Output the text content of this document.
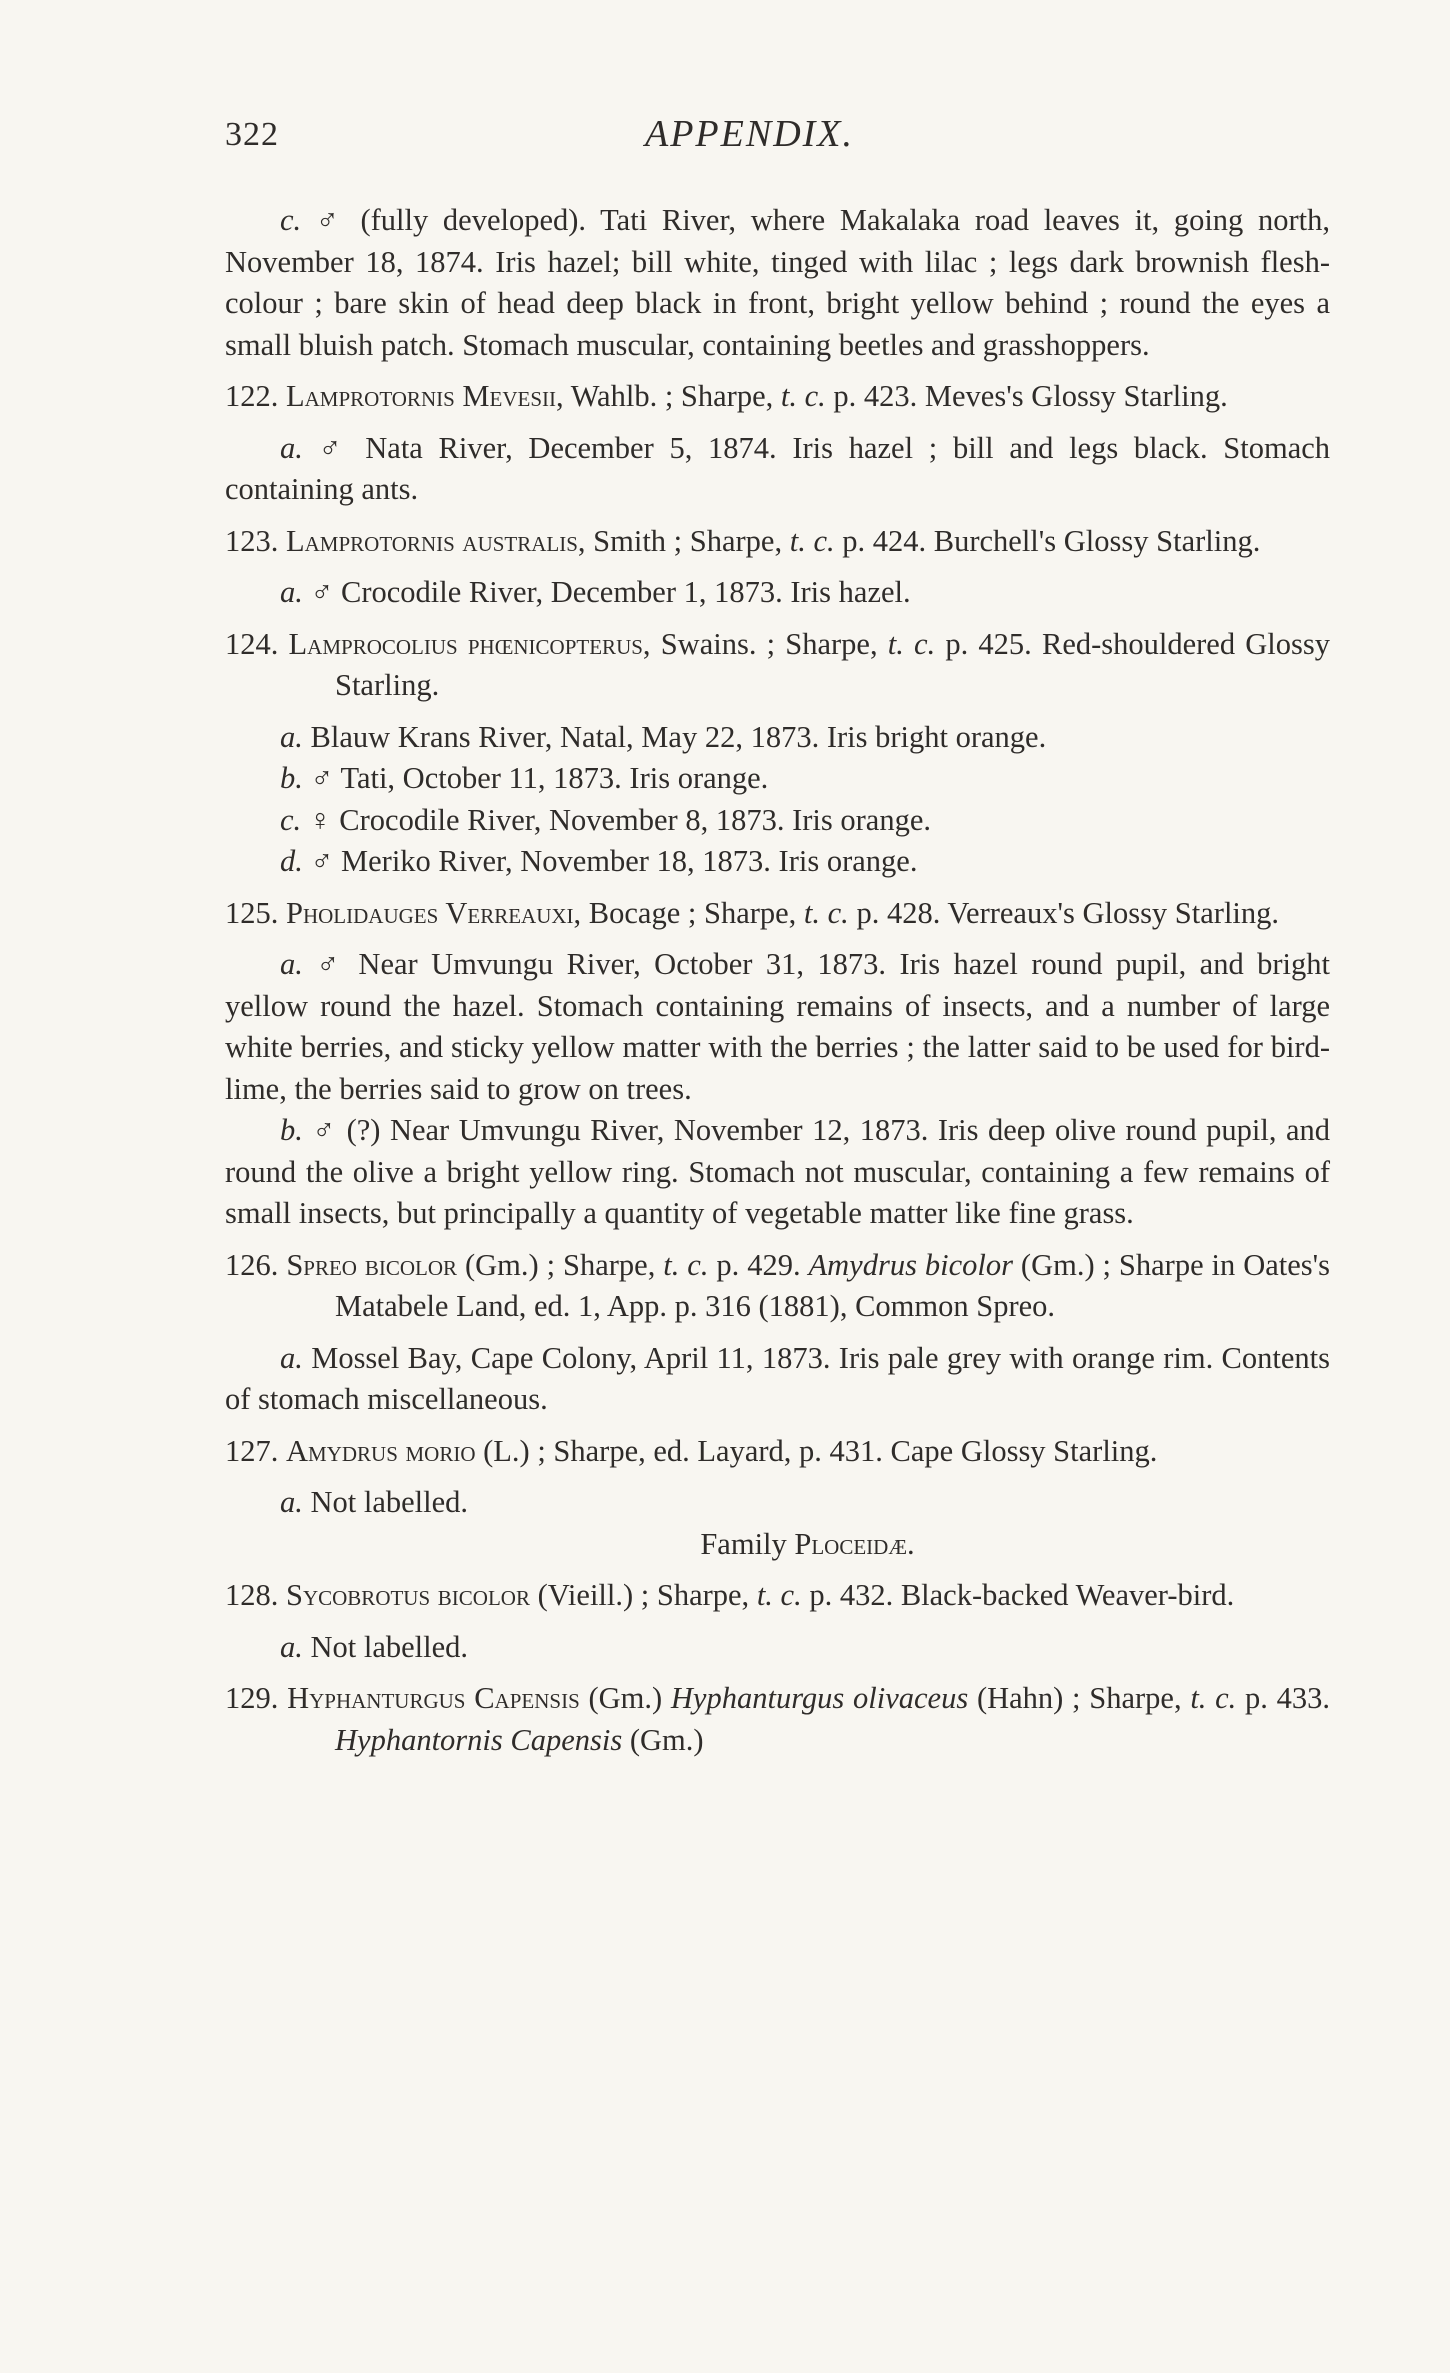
322	APPENDIX.

c. ♂ (fully developed). Tati River, where Makalaka road leaves it, going north, November 18, 1874. Iris hazel; bill white, tinged with lilac ; legs dark brownish flesh-colour ; bare skin of head deep black in front, bright yellow behind ; round the eyes a small bluish patch. Stomach muscular, containing beetles and grasshoppers.

122. Lamprotornis Mevesii, Wahlb. ; Sharpe, t. c. p. 423. Meves's Glossy Starling.

a. ♂ Nata River, December 5, 1874. Iris hazel ; bill and legs black. Stomach containing ants.

123. Lamprotornis australis, Smith ; Sharpe, t. c. p. 424. Burchell's Glossy Starling.

a. ♂ Crocodile River, December 1, 1873. Iris hazel.

124. Lamprocolius phœnicopterus, Swains. ; Sharpe, t. c. p. 425. Red-shouldered Glossy Starling.

a. Blauw Krans River, Natal, May 22, 1873. Iris bright orange.

b. ♂ Tati, October 11, 1873. Iris orange.

c. ♀ Crocodile River, November 8, 1873. Iris orange.

d. ♂ Meriko River, November 18, 1873. Iris orange.

125. Pholidauges Verreauxi, Bocage ; Sharpe, t. c. p. 428. Verreaux's Glossy Starling.

a. ♂ Near Umvungu River, October 31, 1873. Iris hazel round pupil, and bright yellow round the hazel. Stomach containing remains of insects, and a number of large white berries, and sticky yellow matter with the berries ; the latter said to be used for bird-lime, the berries said to grow on trees.

b. ♂ (?) Near Umvungu River, November 12, 1873. Iris deep olive round pupil, and round the olive a bright yellow ring. Stomach not muscular, containing a few remains of small insects, but principally a quantity of vegetable matter like fine grass.

126. Spreo bicolor (Gm.) ; Sharpe, t. c. p. 429. Amydrus bicolor (Gm.) ; Sharpe in Oates's Matabele Land, ed. 1, App. p. 316 (1881), Common Spreo.

a. Mossel Bay, Cape Colony, April 11, 1873. Iris pale grey with orange rim. Contents of stomach miscellaneous.

127. Amydrus morio (L.) ; Sharpe, ed. Layard, p. 431. Cape Glossy Starling.

a. Not labelled.

Family Ploceidæ.

128. Sycobrotus bicolor (Vieill.) ; Sharpe, t. c. p. 432. Black-backed Weaver-bird.

a. Not labelled.

129. Hyphanturgus Capensis (Gm.) Hyphanturgus olivaceus (Hahn) ; Sharpe, t. c. p. 433. Hyphantornis Capensis (Gm.)
